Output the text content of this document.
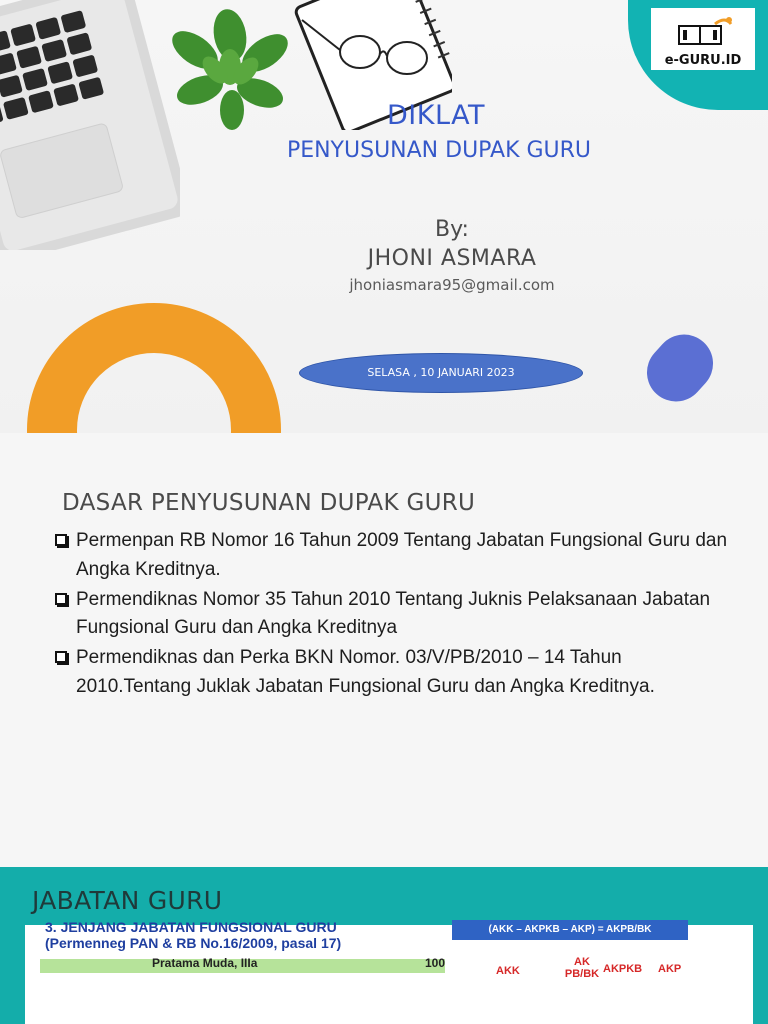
e-GURU.ID
DIKLAT
PENYUSUNAN DUPAK GURU
By:
JHONI ASMARA
jhoniasmara95@gmail.com
SELASA , 10 JANUARI 2023
DASAR PENYUSUNAN DUPAK GURU
Permenpan RB Nomor 16 Tahun 2009 Tentang Jabatan Fungsional Guru dan Angka Kreditnya.
Permendiknas Nomor 35 Tahun 2010 Tentang Juknis Pelaksanaan Jabatan Fungsional Guru dan Angka Kreditnya
Permendiknas dan Perka BKN Nomor. 03/V/PB/2010 – 14 Tahun 2010.Tentang Juklak Jabatan Fungsional Guru dan Angka Kreditnya.
JABATAN GURU
3. JENJANG JABATAN FUNGSIONAL GURU
(Permenneg PAN & RB No.16/2009, pasal 17)
(AKK – AKPKB – AKP) = AKPB/BK
AKK
AK
PB/BK AKPKB AKP
Pratama Muda, IIIa	100
